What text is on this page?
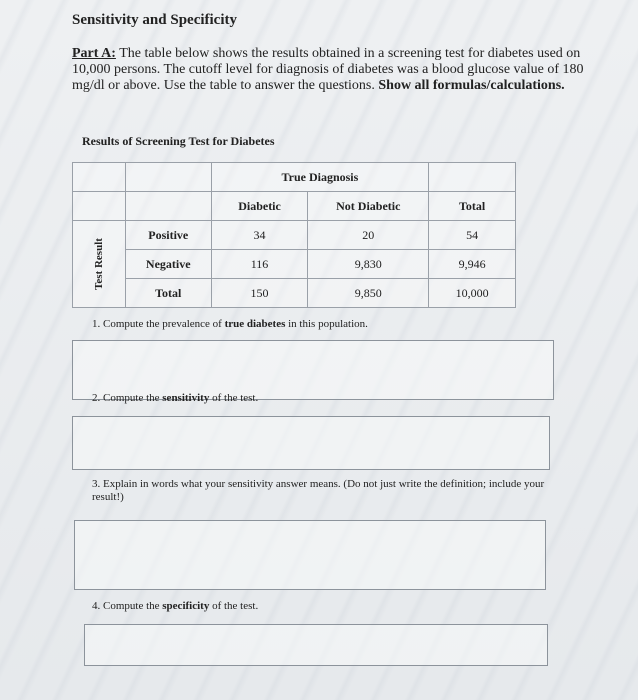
Sensitivity and Specificity
Part A: The table below shows the results obtained in a screening test for diabetes used on 10,000 persons. The cutoff level for diagnosis of diabetes was a blood glucose value of 180 mg/dl or above. Use the table to answer the questions. Show all formulas/calculations.
Results of Screening Test for Diabetes
		True Diagnosis		
		Diabetic	Not Diabetic	Total
Test Result	Positive	34	20	54
	Negative	116	9,830	9,946
	Total	150	9,850	10,000
1. Compute the prevalence of true diabetes in this population.
2. Compute the sensitivity of the test.
3. Explain in words what your sensitivity answer means. (Do not just write the definition; include your result!)
4. Compute the specificity of the test.
